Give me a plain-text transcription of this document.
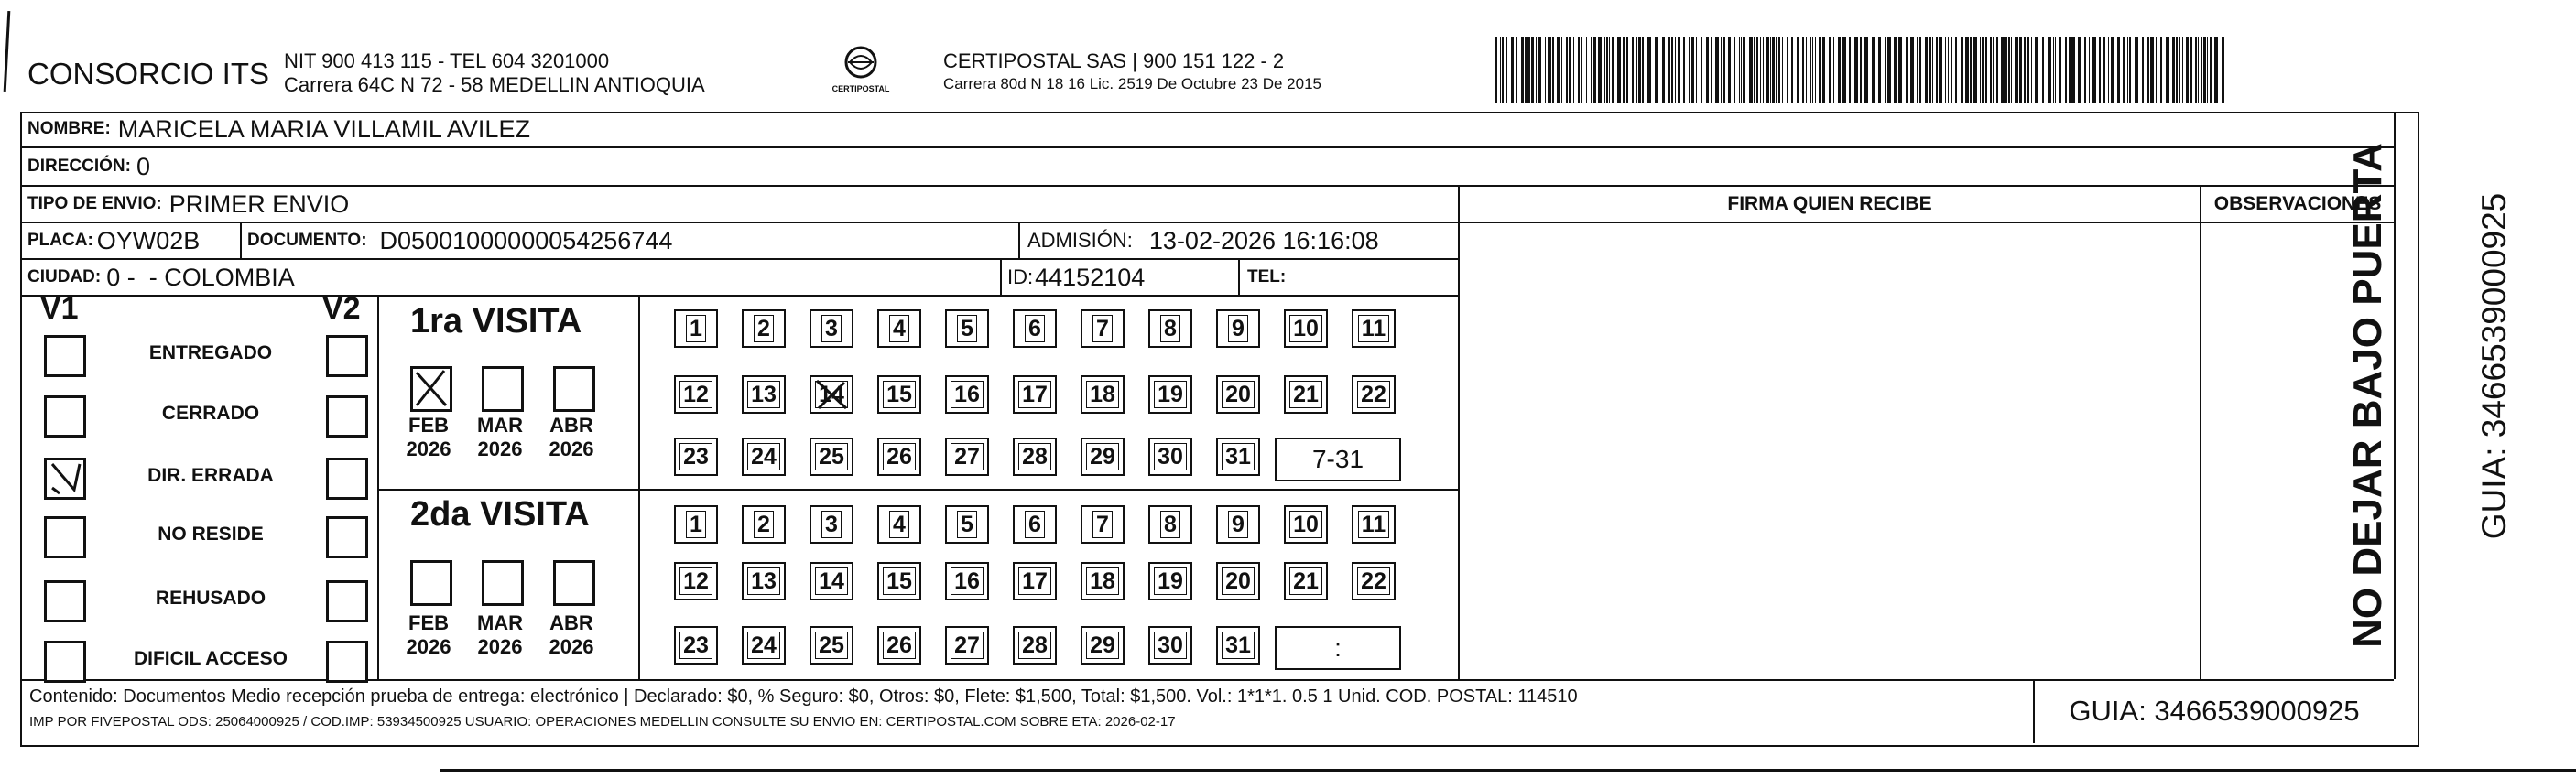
CONSORCIO ITS NIT 900 413 115 - TEL 604 3201000
Carrera 64C N 72 - 58 MEDELLIN ANTIOQUIA	CERTIPOSTAL
CERTIPOSTAL SAS | 900 151 122 - 2
Carrera 80d N 18 16 Lic. 2519 De Octubre 23 De 2015
NOMBRE: MARICELA MARIA VILLAMIL AVILEZ
DIRECCIÓN: 0
TIPO DE ENVIO: PRIMER ENVIO	FIRMA QUIEN RECIBE	OBSERVACIONES
PLACA: OYW02B	DOCUMENTO: D05001000000054256744	ADMISIÓN: 13-02-2026 16:16:08
CIUDAD: 0 -  - COLOMBIA	ID: 44152104	TEL:
V1	V2
ENTREGADO
CERRADO
DIR. ERRADA
NO RESIDE
REHUSADO
DIFICIL ACCESO
1ra VISITA
2da VISITA
FEB
2026
MAR
2026
ABR
2026
FEB
2026
MAR
2026
ABR
2026
1 2 3 4 5 6 7 8 9 10 11
12 13 14 15 16 17 18 19 20 21 22
23 24 25 26 27 28 29 30 31	7-31
1 2 3 4 5 6 7 8 9 10 11
12 13 14 15 16 17 18 19 20 21 22
23 24 25 26 27 28 29 30 31	:	NO DEJAR BAJO PUERTA	GUIA: 3466539000925
Contenido: Documentos Medio recepción prueba de entrega: electrónico | Declarado: $0, % Seguro: $0, Otros: $0, Flete: $1,500, Total: $1,500. Vol.: 1*1*1. 0.5 1 Unid. COD. POSTAL: 114510
IMP POR FIVEPOSTAL ODS: 25064000925 / COD.IMP: 53934500925 USUARIO: OPERACIONES MEDELLIN CONSULTE SU ENVIO EN: CERTIPOSTAL.COM SOBRE ETA: 2026-02-17	GUIA: 3466539000925
